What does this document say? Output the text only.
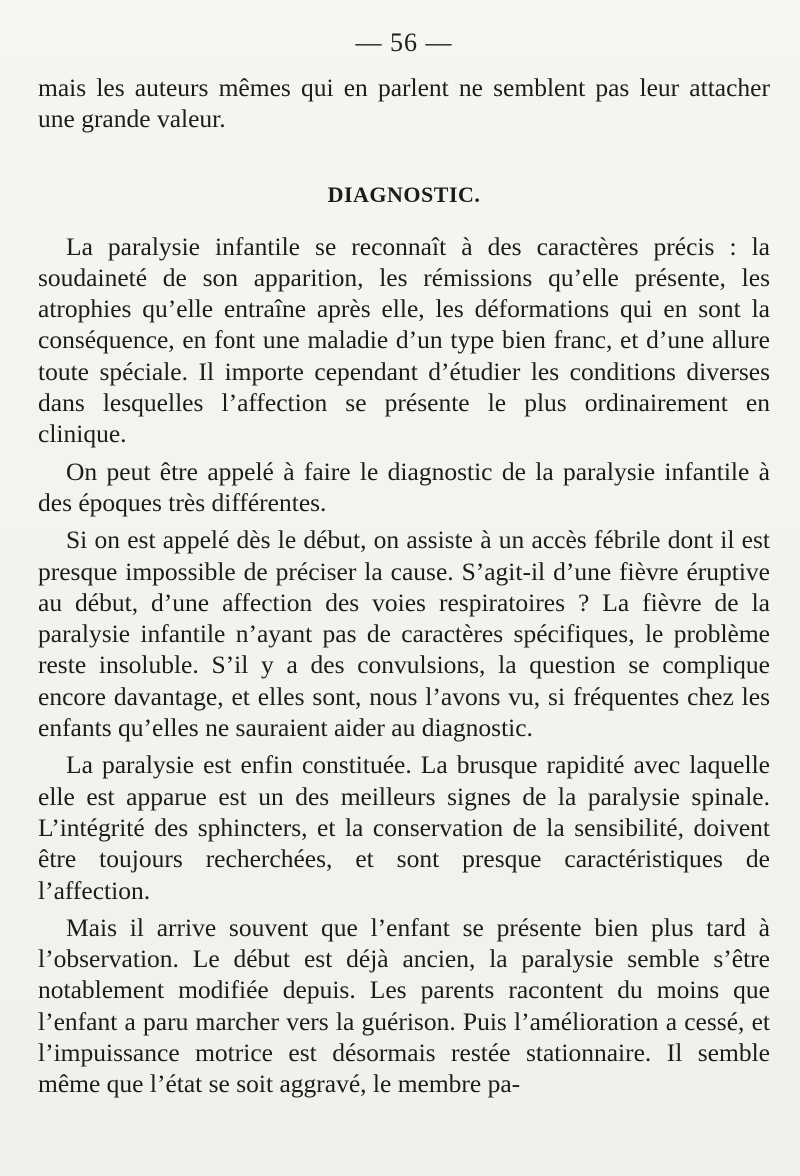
— 56 —

mais les auteurs mêmes qui en parlent ne semblent pas leur attacher une grande valeur.

DIAGNOSTIC.

La paralysie infantile se reconnaît à des caractères précis : la soudaineté de son apparition, les rémissions qu’elle présente, les atrophies qu’elle entraîne après elle, les déformations qui en sont la conséquence, en font une maladie d’un type bien franc, et d’une allure toute spéciale. Il importe cependant d’étudier les conditions diverses dans lesquelles l’affection se présente le plus ordinairement en clinique.

On peut être appelé à faire le diagnostic de la paralysie infantile à des époques très différentes.

Si on est appelé dès le début, on assiste à un accès fébrile dont il est presque impossible de préciser la cause. S’agit-il d’une fièvre éruptive au début, d’une affection des voies respiratoires ? La fièvre de la paralysie infantile n’ayant pas de caractères spécifiques, le problème reste insoluble. S’il y a des convulsions, la question se complique encore davantage, et elles sont, nous l’avons vu, si fréquentes chez les enfants qu’elles ne sauraient aider au diagnostic.

La paralysie est enfin constituée. La brusque rapidité avec laquelle elle est apparue est un des meilleurs signes de la paralysie spinale. L’intégrité des sphincters, et la conservation de la sensibilité, doivent être toujours recherchées, et sont presque caractéristiques de l’affection.

Mais il arrive souvent que l’enfant se présente bien plus tard à l’observation. Le début est déjà ancien, la paralysie semble s’être notablement modifiée depuis. Les parents racontent du moins que l’enfant a paru marcher vers la guérison. Puis l’amélioration a cessé, et l’impuissance motrice est désormais restée stationnaire. Il semble même que l’état se soit aggravé, le membre pa-
